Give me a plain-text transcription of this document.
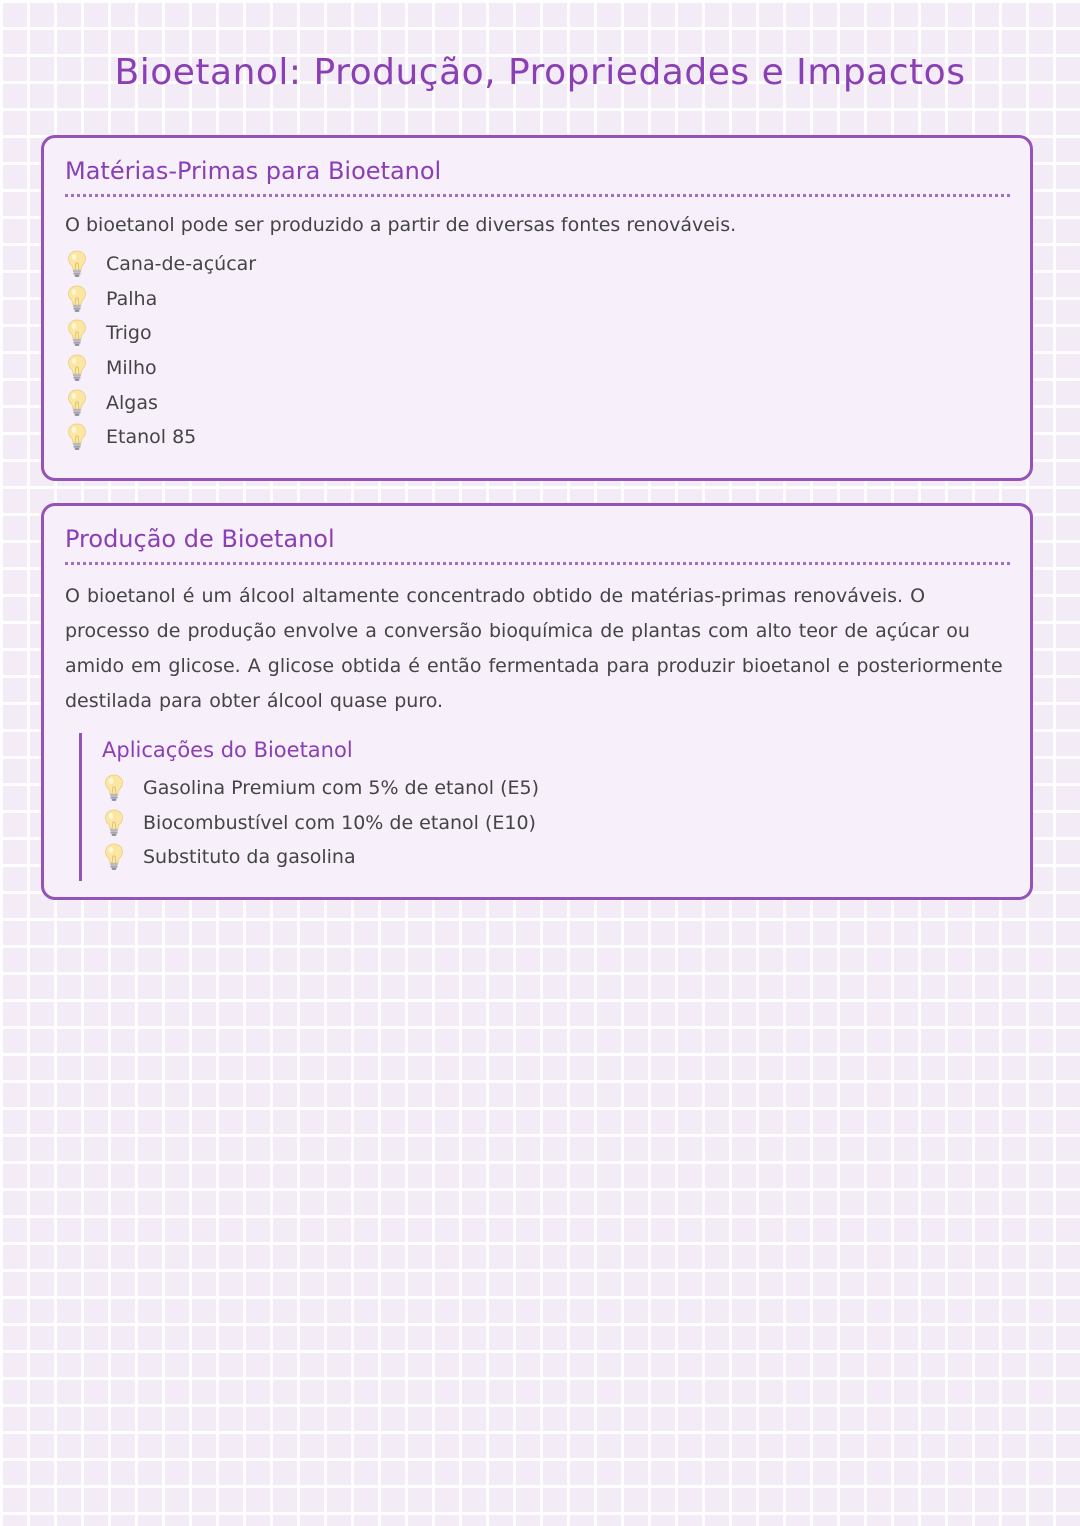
Bioetanol: Produção, Propriedades e Impactos
Matérias-Primas para Bioetanol

O bioetanol pode ser produzido a partir de diversas fontes renováveis.

Cana-de-açúcar
Palha
Trigo
Milho
Algas
Etanol 85
Produção de Bioetanol

O bioetanol é um álcool altamente concentrado obtido de matérias-primas renováveis. O processo de produção envolve a conversão bioquímica de plantas com alto teor de açúcar ou amido em glicose. A glicose obtida é então fermentada para produzir bioetanol e posteriormente destilada para obter álcool quase puro.

Aplicações do Bioetanol
Gasolina Premium com 5% de etanol (E5)
Biocombustível com 10% de etanol (E10)
Substituto da gasolina
